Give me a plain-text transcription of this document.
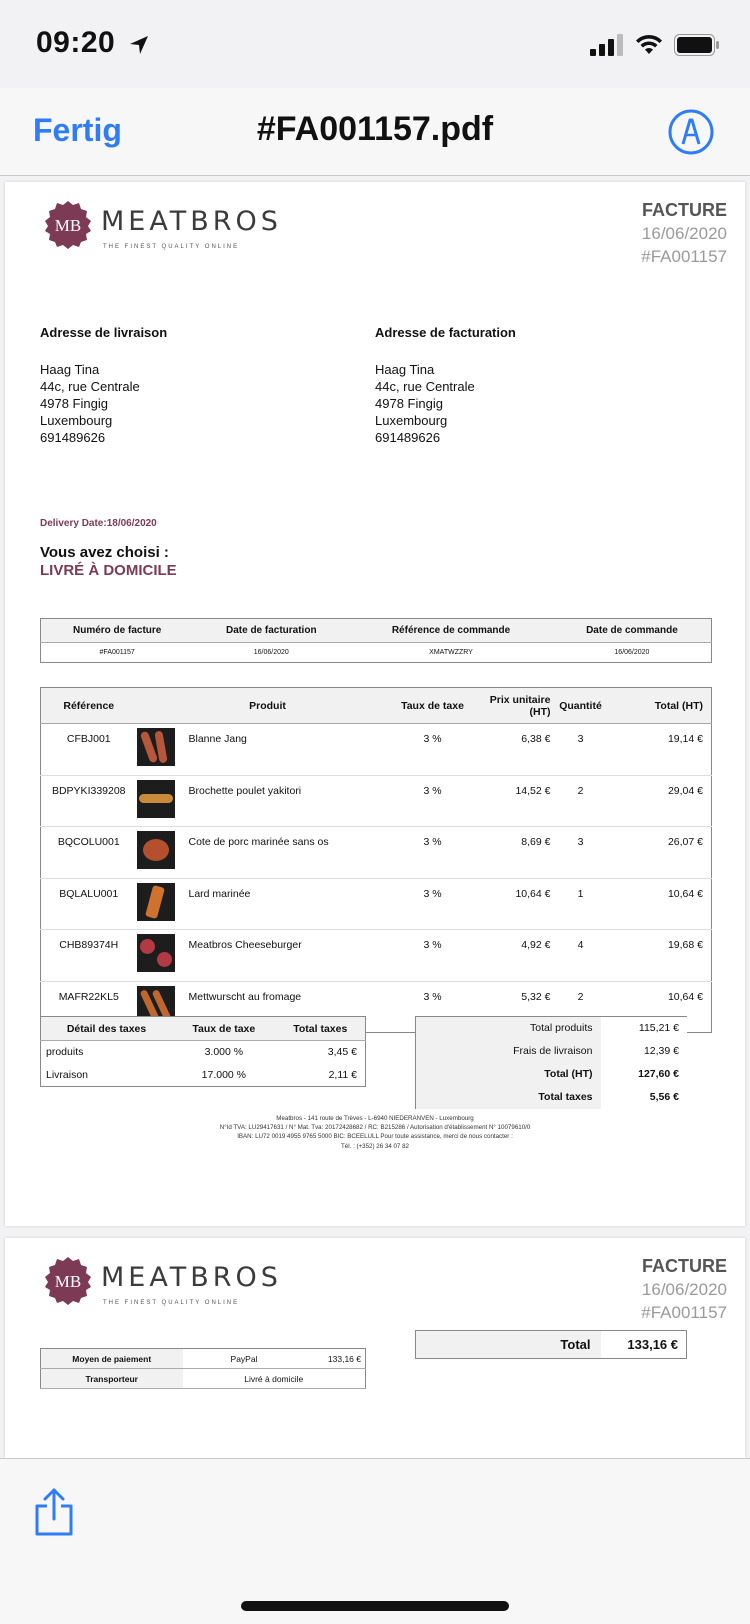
09:20
Fertig	#FA001157.pdf
MB MEATBROS
THE FINEST QUALITY ONLINE
FACTURE
16/06/2020
#FA001157
Adresse de livraison
Haag Tina
44c, rue Centrale
4978 Fingig
Luxembourg
691489626
Adresse de facturation
Haag Tina
44c, rue Centrale
4978 Fingig
Luxembourg
691489626
Delivery Date:18/06/2020
Vous avez choisi :
LIVRÉ À DOMICILE
Numéro de facture	Date de facturation	Référence de commande	Date de commande
#FA001157	16/06/2020	XMATWZZRY	16/06/2020
Référence	Produit		Taux de taxe	Prix unitaire (HT)	Quantité	Total (HT)
CFBJ001		Blanne Jang	3 %	6,38 €	3	19,14 €
BDPYKI339208		Brochette poulet yakitori	3 %	14,52 €	2	29,04 €
BQCOLU001		Cote de porc marinée sans os	3 %	8,69 €	3	26,07 €
BQLALU001		Lard marinée	3 %	10,64 €	1	10,64 €
CHB89374H		Meatbros Cheeseburger	3 %	4,92 €	4	19,68 €
MAFR22KL5		Mettwurscht au fromage	3 %	5,32 €	2	10,64 €
Détail des taxes	Taux de taxe	Total taxes
produits	3.000 %	3,45 €
Livraison	17.000 %	2,11 €
Total produits	115,21 €
Frais de livraison	12,39 €
Total (HT)	127,60 €
Total taxes	5,56 €
Meatbros - 141 route de Trèves - L-6940 NIEDERANVEN - Luxembourg
N°Id TVA: LU29417631 / N° Mat. Tva: 20172428682 / RC: B215286 / Autorisation d'établissement N° 10079610/0
IBAN: LU72 0019 4955 9765 5000 BIC: BCEELULL Pour toute assistance, merci de nous contacter :
Tél. : (+352) 26 34 07 82
MB MEATBROS
THE FINEST QUALITY ONLINE
FACTURE
16/06/2020
#FA001157
Moyen de paiement	PayPal	133,16 €
Transporteur	Livré à domicile	
Total	133,16 €
